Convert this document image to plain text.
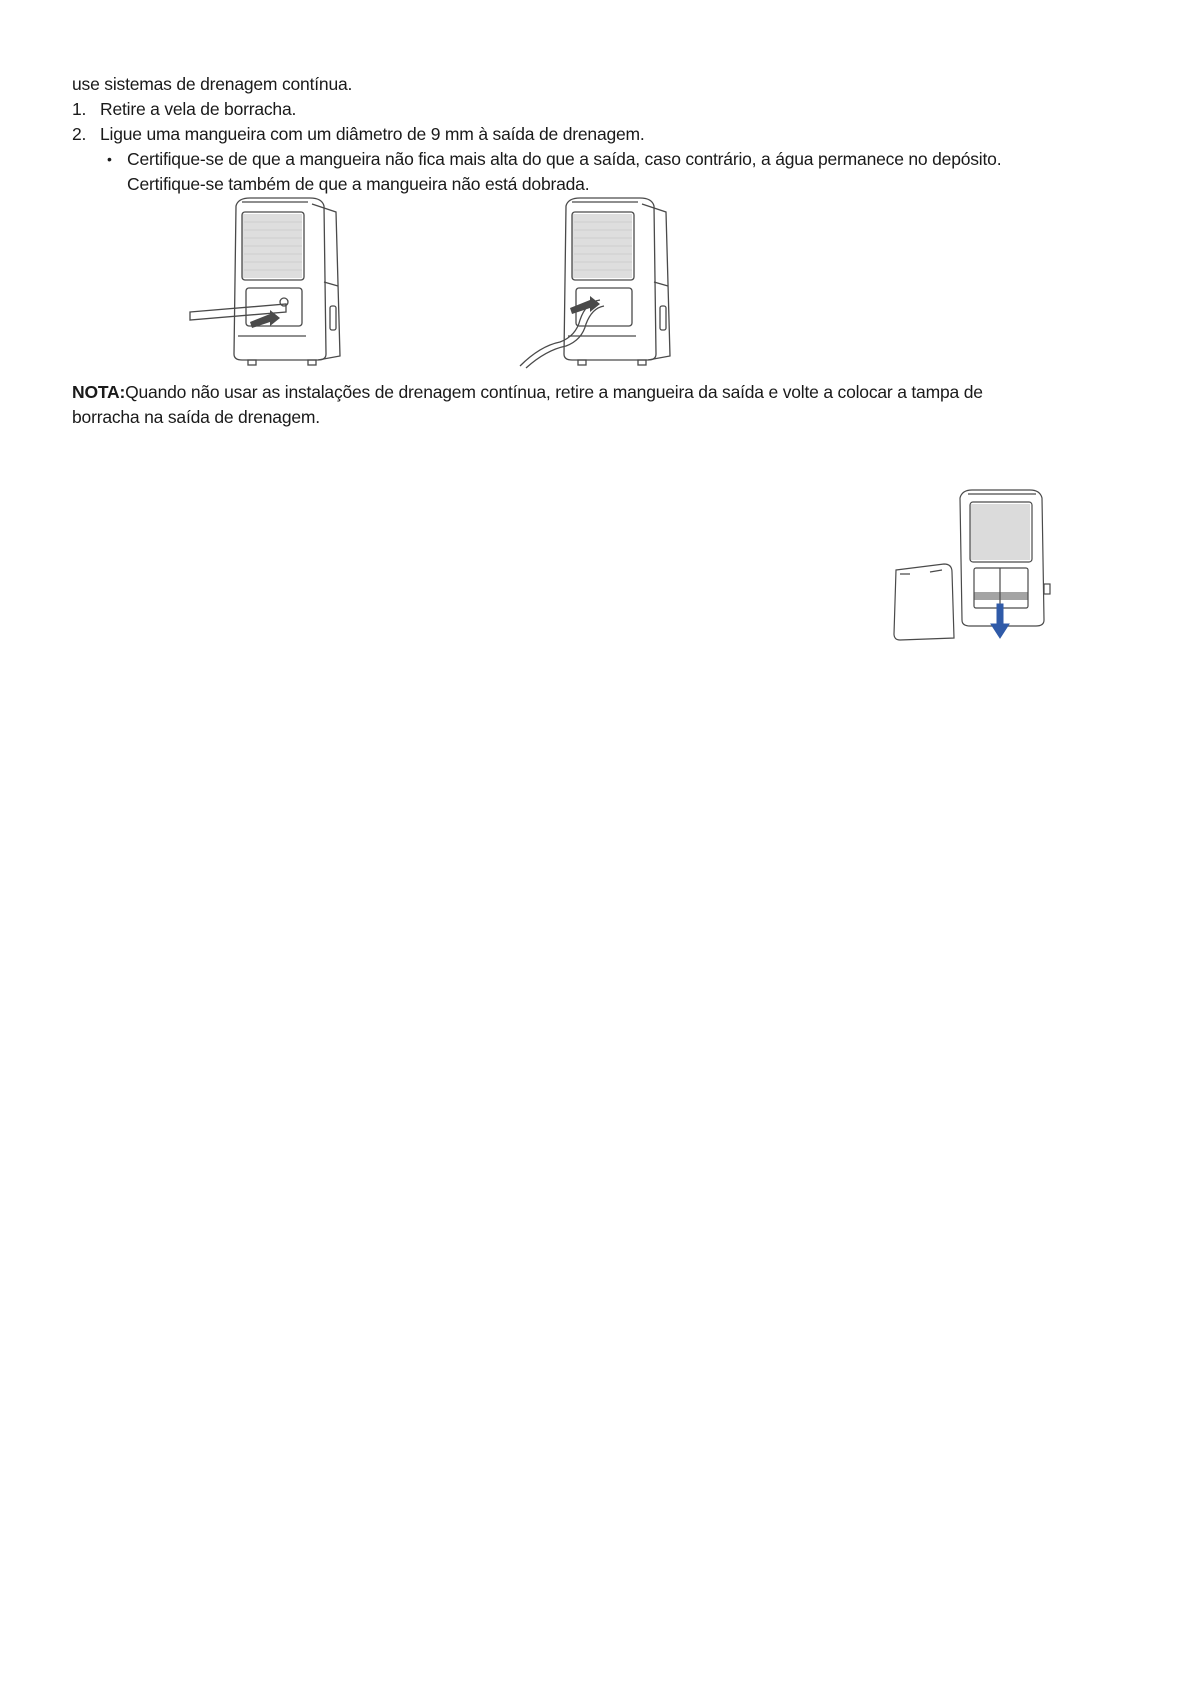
use sistemas de drenagem contínua.
1. Retire a vela de borracha.
2. Ligue uma mangueira com um diâmetro de 9 mm à saída de drenagem.
• Certifique-se de que a mangueira não fica mais alta do que a saída, caso contrário, a água permanece no depósito.
Certifique-se também de que a mangueira não está dobrada.
NOTA:Quando não usar as instalações de drenagem contínua, retire a mangueira da saída e volte a colocar a tampa de
borracha na saída de drenagem.
